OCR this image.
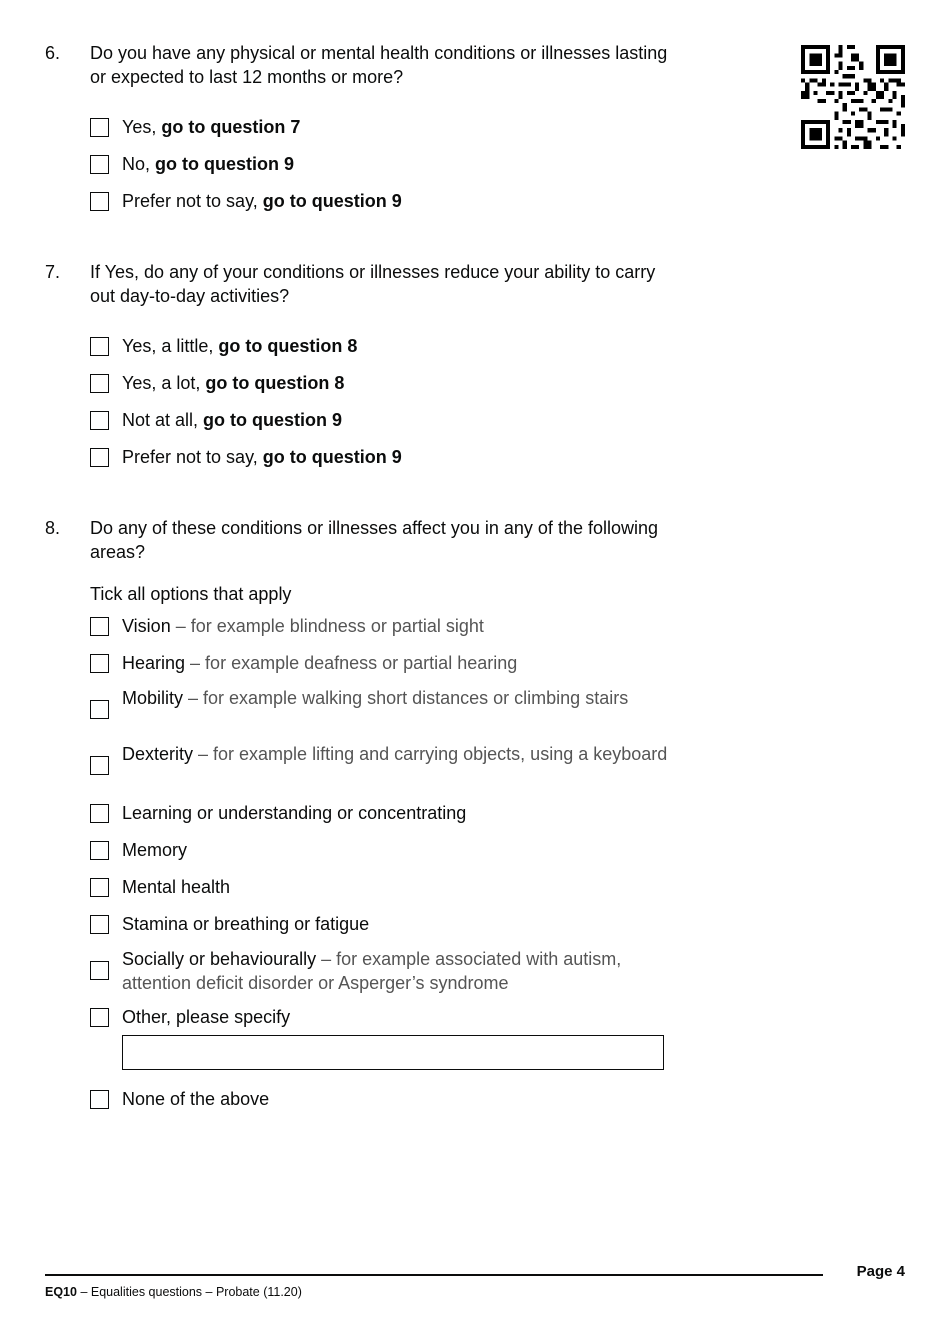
6. Do you have any physical or mental health conditions or illnesses lasting or expected to last 12 months or more?
Yes, go to question 7
No, go to question 9
Prefer not to say, go to question 9
7. If Yes, do any of your conditions or illnesses reduce your ability to carry out day-to-day activities?
Yes, a little, go to question 8
Yes, a lot, go to question 8
Not at all, go to question 9
Prefer not to say, go to question 9
8. Do any of these conditions or illnesses affect you in any of the following areas?
Tick all options that apply
Vision – for example blindness or partial sight
Hearing – for example deafness or partial hearing
Mobility – for example walking short distances or climbing stairs
Dexterity – for example lifting and carrying objects, using a keyboard
Learning or understanding or concentrating
Memory
Mental health
Stamina or breathing or fatigue
Socially or behaviourally – for example associated with autism, attention deficit disorder or Asperger’s syndrome
Other, please specify
None of the above
Page 4
EQ10 – Equalities questions – Probate (11.20)
